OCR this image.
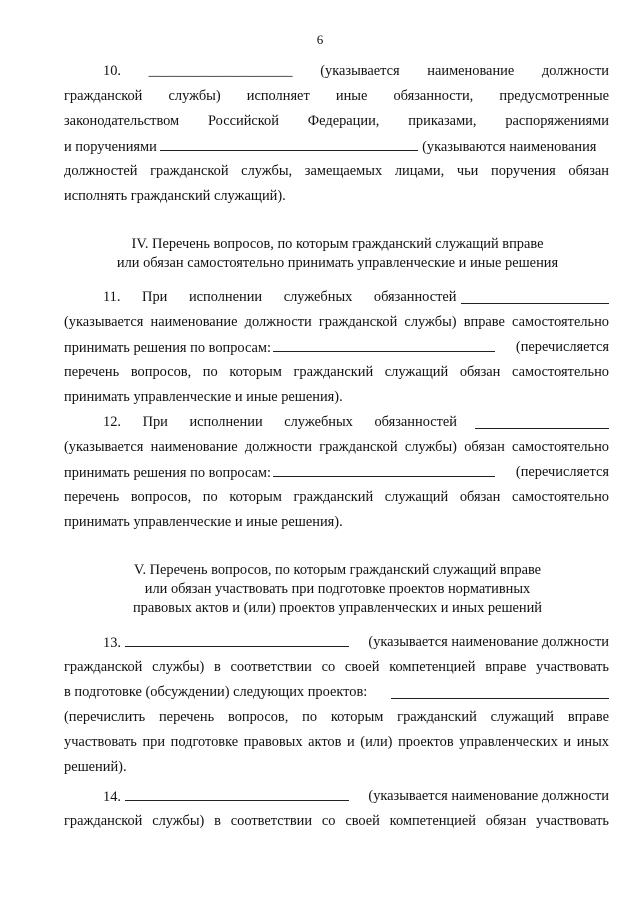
6
10. ____________________ (указывается наименование должности
гражданской службы) исполняет иные обязанности, предусмотренные
законодательством Российской Федерации, приказами, распоряжениями
и поручениями	(указываются наименования
должностей гражданской службы, замещаемых лицами, чьи поручения обязан
исполнять гражданский служащий).
IV. Перечень вопросов, по которым гражданский служащий вправе
или обязан самостоятельно принимать управленческие и иные решения
11. При исполнении служебных обязанностей
(указывается наименование должности гражданской службы) вправе самостоятельно
принимать решения по вопросам:	(перечисляется
перечень вопросов, по которым гражданский служащий обязан самостоятельно
принимать управленческие и иные решения).
12. При исполнении служебных обязанностей
(указывается наименование должности гражданской службы) обязан самостоятельно
принимать решения по вопросам:	(перечисляется
перечень вопросов, по которым гражданский служащий обязан самостоятельно
принимать управленческие и иные решения).
V. Перечень вопросов, по которым гражданский служащий вправе
или обязан участвовать при подготовке проектов нормативных
правовых актов и (или) проектов управленческих и иных решений
13.	(указывается наименование должности
гражданской службы) в соответствии со своей компетенцией вправе участвовать
в подготовке (обсуждении) следующих проектов:
(перечислить перечень вопросов, по которым гражданский служащий вправе
участвовать при подготовке правовых актов и (или) проектов управленческих и иных
решений).
14.	(указывается наименование должности
гражданской службы) в соответствии со своей компетенцией обязан участвовать
